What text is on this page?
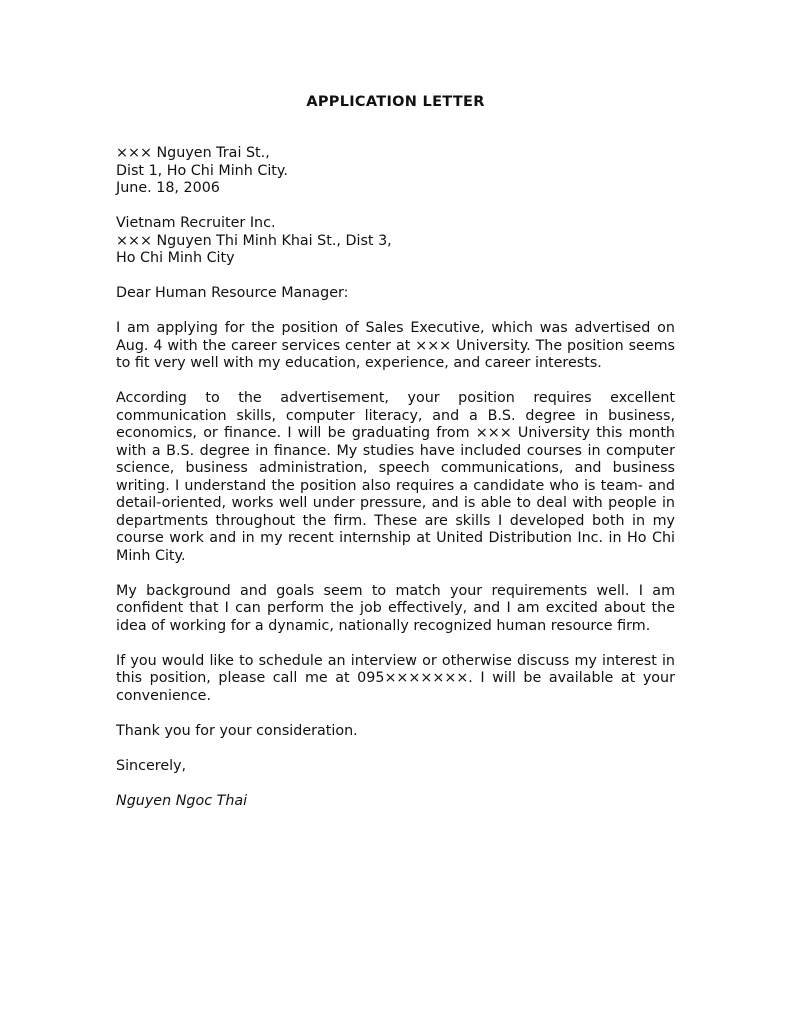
APPLICATION LETTER
××× Nguyen Trai St.,
Dist 1, Ho Chi Minh City.
June. 18, 2006
Vietnam Recruiter Inc.
××× Nguyen Thi Minh Khai St., Dist 3,
Ho Chi Minh City

Dear Human Resource Manager:

I am applying for the position of Sales Executive, which was advertised on Aug. 4 with the career services center at ××× University. The position seems to fit very well with my education, experience, and career interests.

According to the advertisement, your position requires excellent communication skills, computer literacy, and a B.S. degree in business, economics, or finance. I will be graduating from ××× University this month with a B.S. degree in finance. My studies have included courses in computer science, business administration, speech communications, and business writing. I understand the position also requires a candidate who is team- and detail-oriented, works well under pressure, and is able to deal with people in departments throughout the firm. These are skills I developed both in my course work and in my recent internship at United Distribution Inc. in Ho Chi Minh City.

My background and goals seem to match your requirements well. I am confident that I can perform the job effectively, and I am excited about the idea of working for a dynamic, nationally recognized human resource firm.

If you would like to schedule an interview or otherwise discuss my interest in this position, please call me at 095×××××××. I will be available at your convenience.

Thank you for your consideration.

Sincerely,

Nguyen Ngoc Thai
